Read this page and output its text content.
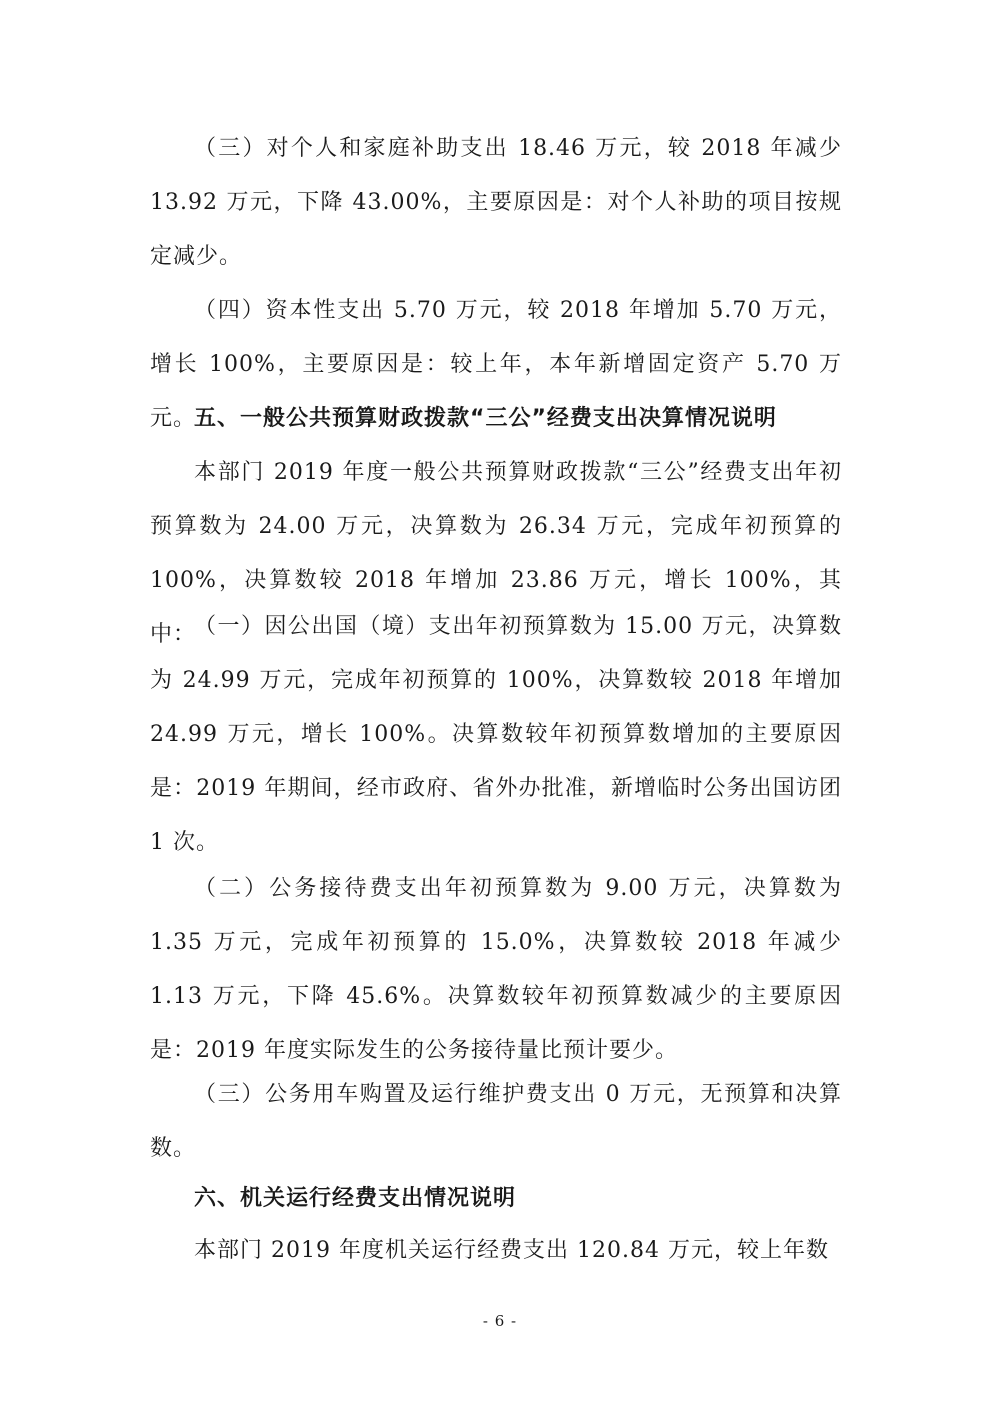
（三）对个人和家庭补助支出 18.46 万元，较 2018 年减少 13.92 万元，下降 43.00%，主要原因是：对个人补助的项目按规定减少。

（四）资本性支出 5.70 万元，较 2018 年增加 5.70 万元，增长 100%，主要原因是：较上年，本年新增固定资产 5.70 万元。

五、一般公共预算财政拨款“三公”经费支出决算情况说明

本部门 2019 年度一般公共预算财政拨款“三公”经费支出年初预算数为 24.00 万元，决算数为 26.34 万元，完成年初预算的 100%，决算数较 2018 年增加 23.86 万元，增长 100%，其中：

（一）因公出国（境）支出年初预算数为 15.00 万元，决算数为 24.99 万元，完成年初预算的 100%，决算数较 2018 年增加 24.99 万元，增长 100%。决算数较年初预算数增加的主要原因是：2019 年期间，经市政府、省外办批准，新增临时公务出国访团 1 次。

（二）公务接待费支出年初预算数为 9.00 万元，决算数为 1.35 万元，完成年初预算的 15.0%，决算数较 2018 年减少 1.13 万元，下降 45.6%。决算数较年初预算数减少的主要原因是：2019 年度实际发生的公务接待量比预计要少。

（三）公务用车购置及运行维护费支出 0 万元，无预算和决算数。

六、机关运行经费支出情况说明

本部门 2019 年度机关运行经费支出 120.84 万元，较上年数

- 6 -
